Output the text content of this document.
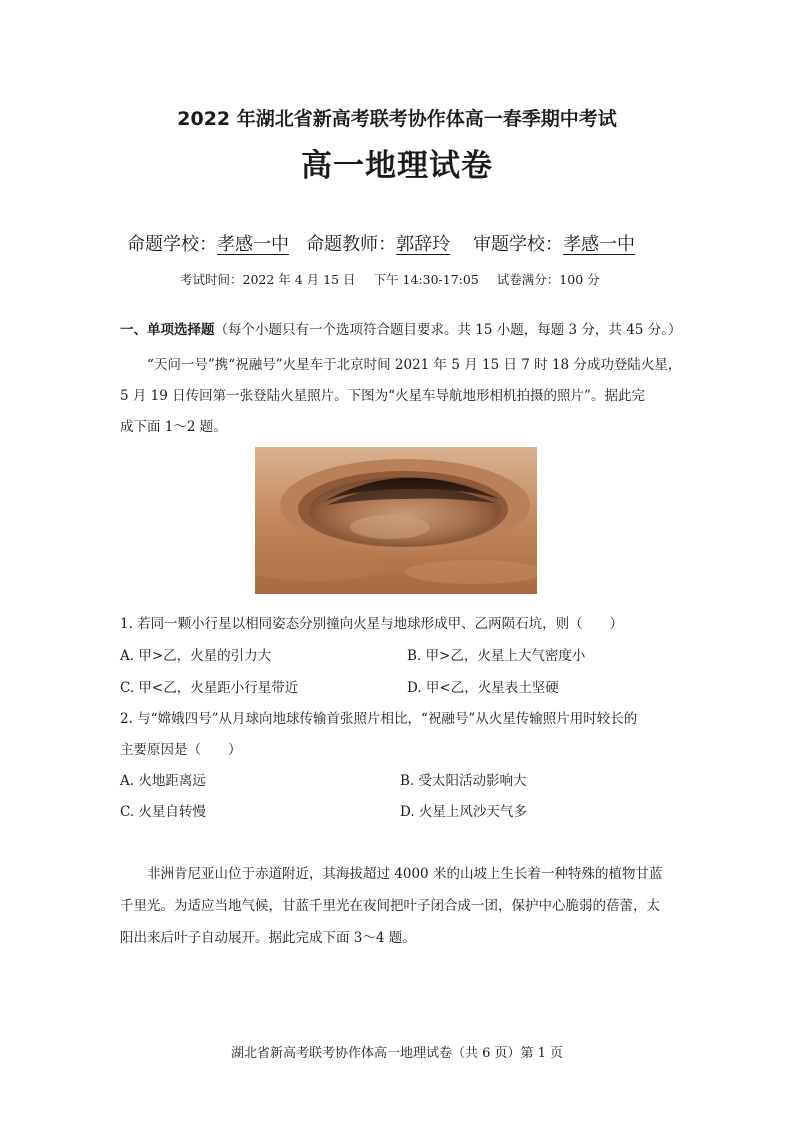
2022 年湖北省新高考联考协作体高一春季期中考试
高一地理试卷
命题学校：孝感一中 命题教师：郭辞玲 审题学校：孝感一中
考试时间：2022 年 4 月 15 日 下午 14:30-17:05 试卷满分：100 分
一、单项选择题（每个小题只有一个选项符合题目要求。共 15 小题，每题 3 分，共 45 分。）
“天问一号”携“祝融号”火星车于北京时间 2021 年 5 月 15 日 7 时 18 分成功登陆火星，
5 月 19 日传回第一张登陆火星照片。下图为“火星车导航地形相机拍摄的照片”。据此完
成下面 1～2 题。
1. 若同一颗小行星以相同姿态分别撞向火星与地球形成甲、乙两陨石坑，则（　　）
A. 甲>乙，火星的引力大	B. 甲>乙，火星上大气密度小
C. 甲<乙，火星距小行星带近	D. 甲<乙，火星表土坚硬
2. 与“嫦娥四号”从月球向地球传输首张照片相比，“祝融号”从火星传输照片用时较长的
主要原因是（　　）
A. 火地距离远	B. 受太阳活动影响大
C. 火星自转慢	D. 火星上风沙天气多
非洲肯尼亚山位于赤道附近，其海拔超过 4000 米的山坡上生长着一种特殊的植物甘蓝
千里光。为适应当地气候，甘蓝千里光在夜间把叶子闭合成一团，保护中心脆弱的蓓蕾，太
阳出来后叶子自动展开。据此完成下面 3～4 题。
湖北省新高考联考协作体高一地理试卷（共 6 页）第 1 页
